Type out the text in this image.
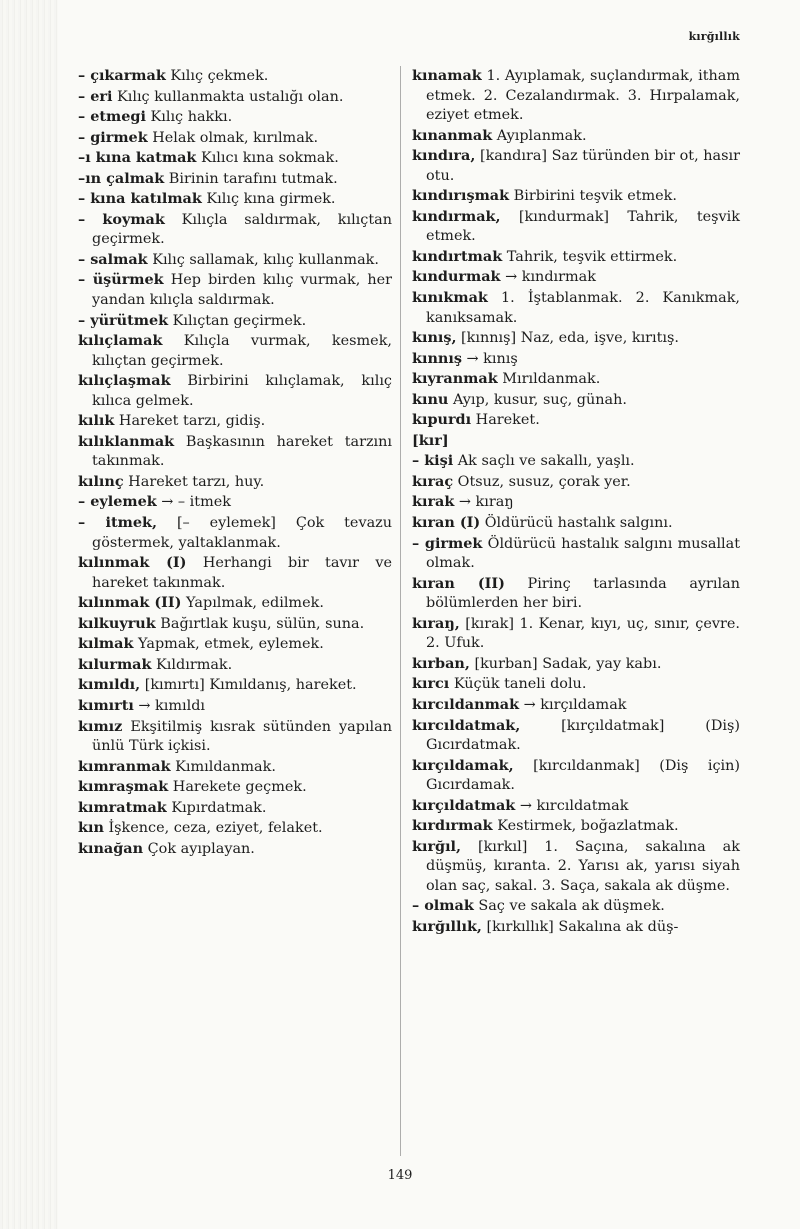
kırğıllık

– çıkarmak Kılıç çekmek.

– eri Kılıç kullanmakta ustalığı olan.

– etmegi Kılıç hakkı.

– girmek Helak olmak, kırılmak.

–ı kına katmak Kılıcı kına sokmak.

–ın çalmak Birinin tarafını tutmak.

– kına katılmak Kılıç kına girmek.

– koymak Kılıçla saldırmak, kılıçtan geçirmek.

– salmak Kılıç sallamak, kılıç kullanmak.

– üşürmek Hep birden kılıç vurmak, her yandan kılıçla saldırmak.

– yürütmek Kılıçtan geçirmek.

kılıçlamak Kılıçla vurmak, kesmek, kılıçtan geçirmek.

kılıçlaşmak Birbirini kılıçlamak, kılıç kılıca gelmek.

kılık Hareket tarzı, gidiş.

kılıklanmak Başkasının hareket tarzını takınmak.

kılınç Hareket tarzı, huy.

– eylemek → – itmek

– itmek, [– eylemek] Çok tevazu göstermek, yaltaklanmak.

kılınmak (I) Herhangi bir tavır ve hareket takınmak.

kılınmak (II) Yapılmak, edilmek.

kılkuyruk Bağırtlak kuşu, sülün, suna.

kılmak Yapmak, etmek, eylemek.

kılurmak Kıldırmak.

kımıldı, [kımırtı] Kımıldanış, hareket.

kımırtı → kımıldı

kımız Ekşitilmiş kısrak sütünden yapılan ünlü Türk içkisi.

kımranmak Kımıldanmak.

kımraşmak Harekete geçmek.

kımratmak Kıpırdatmak.

kın İşkence, ceza, eziyet, felaket.

kınağan Çok ayıplayan.

kınamak 1. Ayıplamak, suçlandırmak, itham etmek. 2. Cezalandırmak. 3. Hırpalamak, eziyet etmek.

kınanmak Ayıplanmak.

kındıra, [kandıra] Saz türünden bir ot, hasır otu.

kındırışmak Birbirini teşvik etmek.

kındırmak, [kındurmak] Tahrik, teşvik etmek.

kındırtmak Tahrik, teşvik ettirmek.

kındurmak → kındırmak

kınıkmak 1. İştablanmak. 2. Kanıkmak, kanıksamak.

kınış, [kınnış] Naz, eda, işve, kırıtış.

kınnış → kınış

kıyranmak Mırıldanmak.

kınu Ayıp, kusur, suç, günah.

kıpurdı Hareket.

[kır]

– kişi Ak saçlı ve sakallı, yaşlı.

kıraç Otsuz, susuz, çorak yer.

kırak → kıraŋ

kıran (I) Öldürücü hastalık salgını.

– girmek Öldürücü hastalık salgını musallat olmak.

kıran (II) Pirinç tarlasında ayrılan bölümlerden her biri.

kıraŋ, [kırak] 1. Kenar, kıyı, uç, sınır, çevre. 2. Ufuk.

kırban, [kurban] Sadak, yay kabı.

kırcı Küçük taneli dolu.

kırcıldanmak → kırçıldamak

kırcıldatmak, [kırçıldatmak] (Diş) Gıcırdatmak.

kırçıldamak, [kırcıldanmak] (Diş için) Gıcırdamak.

kırçıldatmak → kırcıldatmak

kırdırmak Kestirmek, boğazlatmak.

kırğıl, [kırkıl] 1. Saçına, sakalına ak düşmüş, kıranta. 2. Yarısı ak, yarısı siyah olan saç, sakal. 3. Saça, sakala ak düşme.

– olmak Saç ve sakala ak düşmek.

kırğıllık, [kırkıllık] Sakalına ak düş-

149
